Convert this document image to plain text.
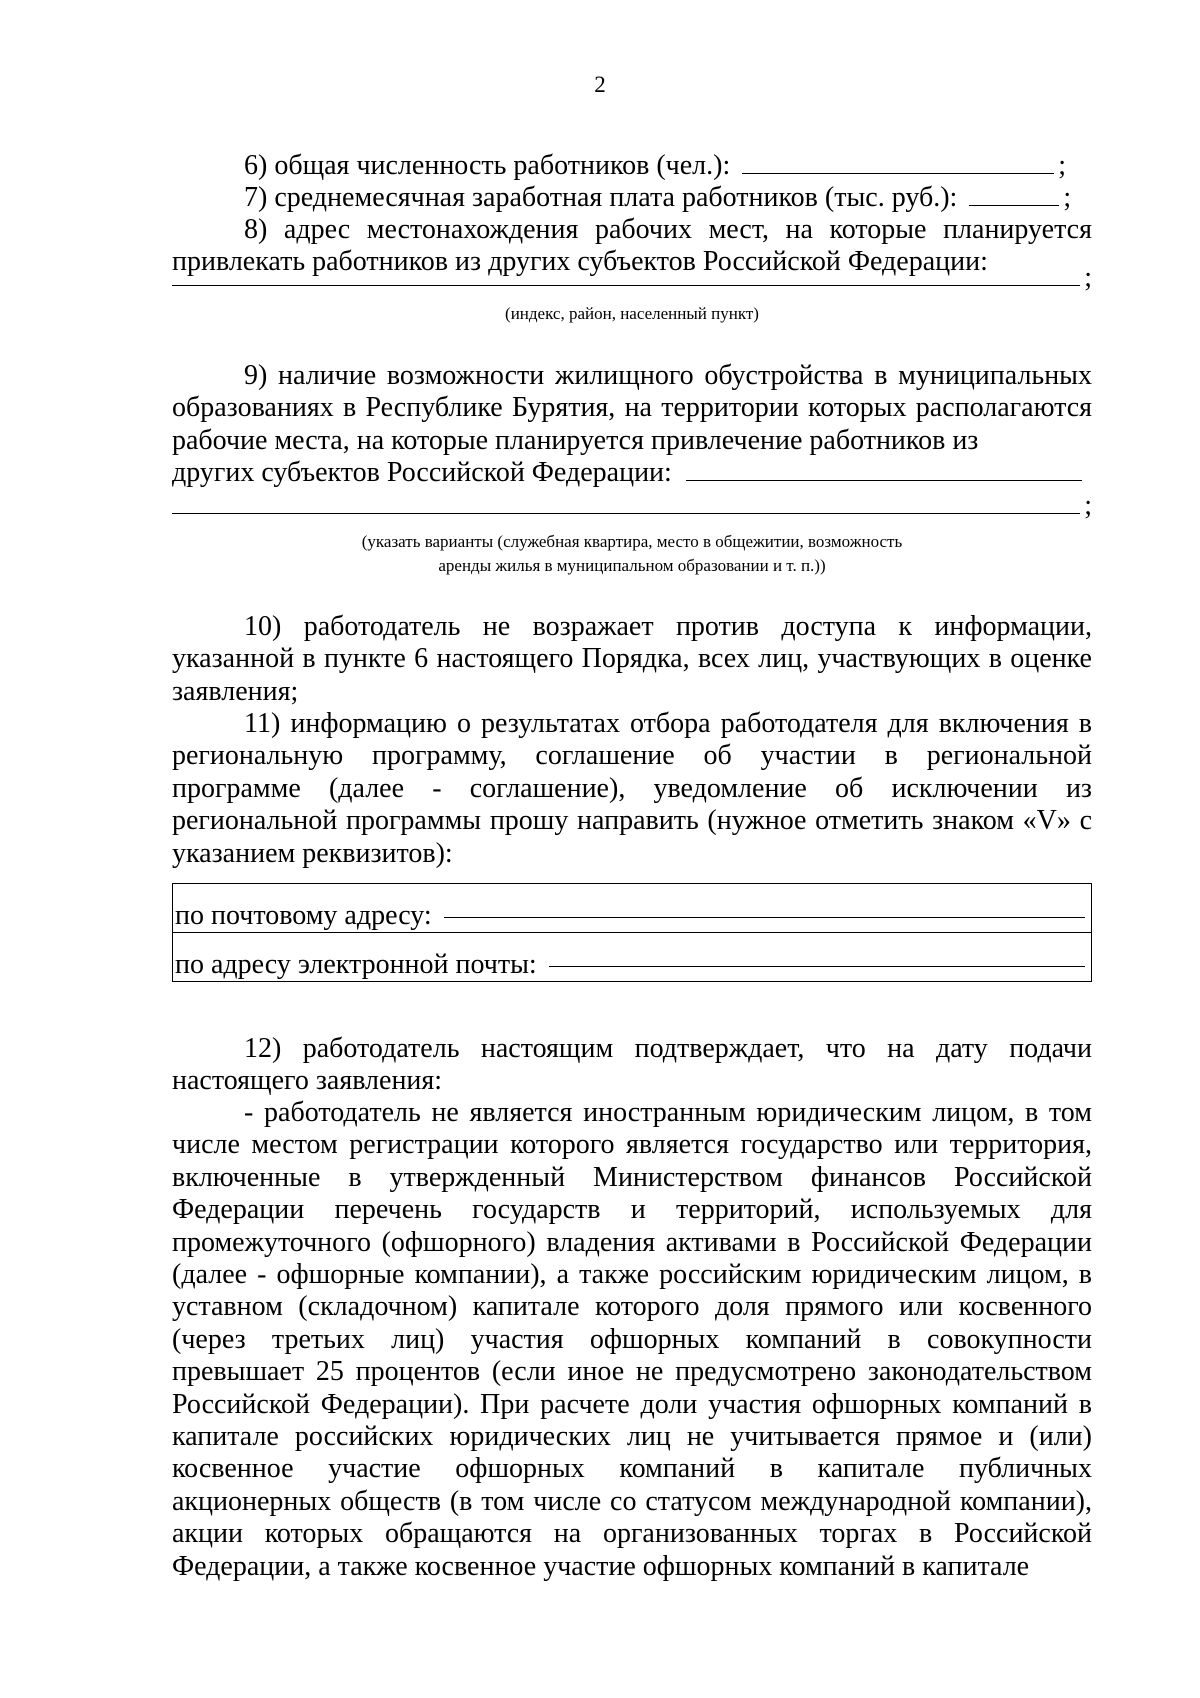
2
6) общая численность работников (чел.):	;
7) среднемесячная заработная плата работников (тыс. руб.):	;

8) адрес местонахождения рабочих мест, на которые планируется привлекать работников из других субъектов Российской Федерации:

;
(индекс, район, населенный пункт)

9) наличие возможности жилищного обустройства в муниципальных образованиях в Республике Бурятия, на территории которых располагаются рабочие места, на которые планируется привлечение работников из

других субъектов Российской Федерации:
;
(указать варианты (служебная квартира, место в общежитии, возможность
аренды жилья в муниципальном образовании и т. п.))

10) работодатель не возражает против доступа к информации, указанной в пункте 6 настоящего Порядка, всех лиц, участвующих в оценке заявления;

11) информацию о результатах отбора работодателя для включения в региональную программу, соглашение об участии в региональной программе (далее - соглашение), уведомление об исключении из региональной программы прошу направить (нужное отметить знаком «V» с указанием реквизитов):

по почтовому адресу:
по адресу электронной почты:

12) работодатель настоящим подтверждает, что на дату подачи настоящего заявления:

- работодатель не является иностранным юридическим лицом, в том числе местом регистрации которого является государство или территория, включенные в утвержденный Министерством финансов Российской Федерации перечень государств и территорий, используемых для промежуточного (офшорного) владения активами в Российской Федерации (далее - офшорные компании), а также российским юридическим лицом, в уставном (складочном) капитале которого доля прямого или косвенного (через третьих лиц) участия офшорных компаний в совокупности превышает 25 процентов (если иное не предусмотрено законодательством Российской Федерации). При расчете доли участия офшорных компаний в капитале российских юридических лиц не учитывается прямое и (или) косвенное участие офшорных компаний в капитале публичных акционерных обществ (в том числе со статусом международной компании), акции которых обращаются на организованных торгах в Российской Федерации, а также косвенное участие офшорных компаний в капитале
